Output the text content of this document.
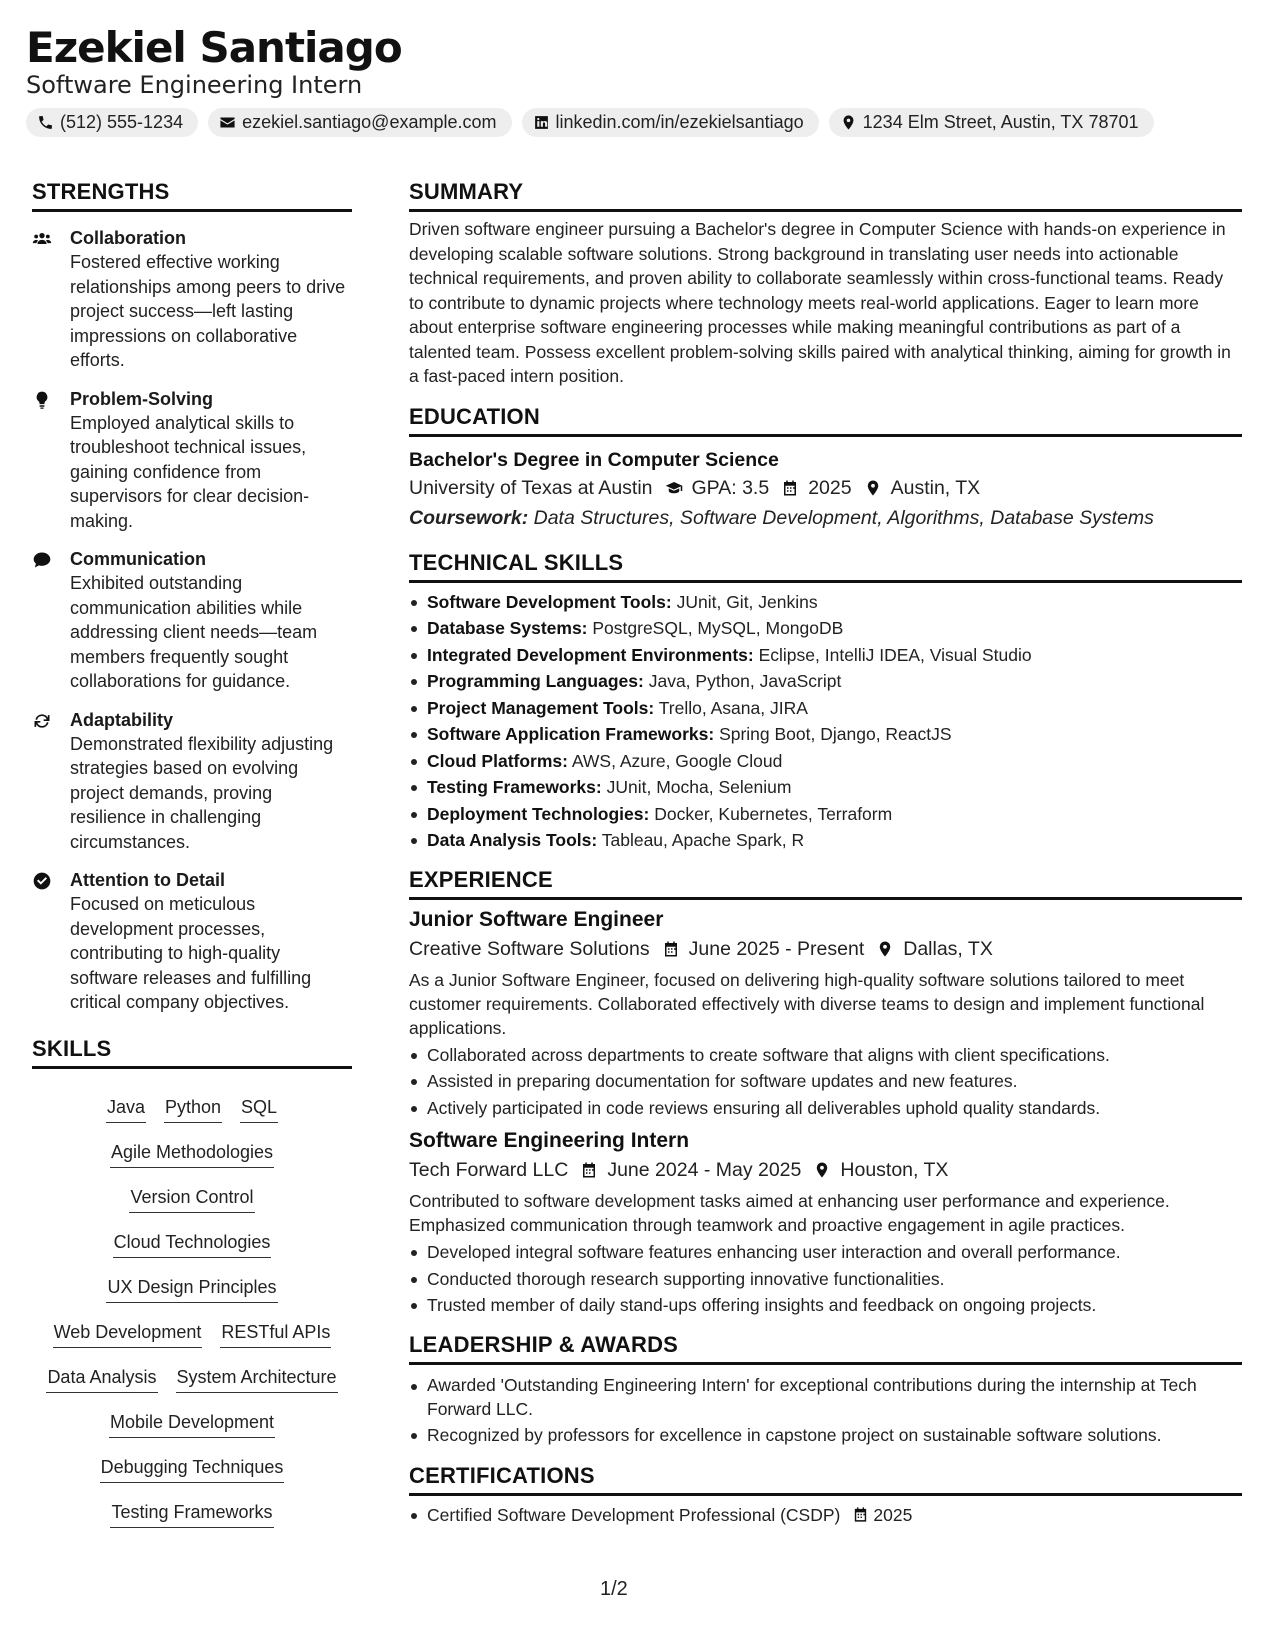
Ezekiel Santiago
Software Engineering Intern
(512) 555-1234	ezekiel.santiago@example.com	linkedin.com/in/ezekielsantiago	1234 Elm Street, Austin, TX 78701
STRENGTHS
Collaboration
Fostered effective working relationships among peers to drive project success—left lasting impressions on collaborative efforts.
Problem-Solving
Employed analytical skills to troubleshoot technical issues, gaining confidence from supervisors for clear decision-making.
Communication
Exhibited outstanding communication abilities while addressing client needs—team members frequently sought collaborations for guidance.
Adaptability
Demonstrated flexibility adjusting strategies based on evolving project demands, proving resilience in challenging circumstances.
Attention to Detail
Focused on meticulous development processes, contributing to high-quality software releases and fulfilling critical company objectives.
SKILLS
Java Python SQL
Agile Methodologies
Version Control
Cloud Technologies
UX Design Principles
Web Development RESTful APIs
Data Analysis System Architecture
Mobile Development
Debugging Techniques
Testing Frameworks
SUMMARY
Driven software engineer pursuing a Bachelor's degree in Computer Science with hands-on experience in developing scalable software solutions. Strong background in translating user needs into actionable technical requirements, and proven ability to collaborate seamlessly within cross-functional teams. Ready to contribute to dynamic projects where technology meets real-world applications. Eager to learn more about enterprise software engineering processes while making meaningful contributions as part of a talented team. Possess excellent problem-solving skills paired with analytical thinking, aiming for growth in a fast-paced intern position.
EDUCATION
Bachelor's Degree in Computer Science
University of Texas at Austin GPA: 3.5 2025 Austin, TX
Coursework: Data Structures, Software Development, Algorithms, Database Systems
TECHNICAL SKILLS
Software Development Tools: JUnit, Git, Jenkins
Database Systems: PostgreSQL, MySQL, MongoDB
Integrated Development Environments: Eclipse, IntelliJ IDEA, Visual Studio
Programming Languages: Java, Python, JavaScript
Project Management Tools: Trello, Asana, JIRA
Software Application Frameworks: Spring Boot, Django, ReactJS
Cloud Platforms: AWS, Azure, Google Cloud
Testing Frameworks: JUnit, Mocha, Selenium
Deployment Technologies: Docker, Kubernetes, Terraform
Data Analysis Tools: Tableau, Apache Spark, R
EXPERIENCE
Junior Software Engineer
Creative Software Solutions June 2025 - Present Dallas, TX
As a Junior Software Engineer, focused on delivering high-quality software solutions tailored to meet customer requirements. Collaborated effectively with diverse teams to design and implement functional applications.
Collaborated across departments to create software that aligns with client specifications.
Assisted in preparing documentation for software updates and new features.
Actively participated in code reviews ensuring all deliverables uphold quality standards.
Software Engineering Intern
Tech Forward LLC June 2024 - May 2025 Houston, TX
Contributed to software development tasks aimed at enhancing user performance and experience. Emphasized communication through teamwork and proactive engagement in agile practices.
Developed integral software features enhancing user interaction and overall performance.
Conducted thorough research supporting innovative functionalities.
Trusted member of daily stand-ups offering insights and feedback on ongoing projects.
LEADERSHIP & AWARDS
Awarded 'Outstanding Engineering Intern' for exceptional contributions during the internship at Tech Forward LLC.
Recognized by professors for excellence in capstone project on sustainable software solutions.
CERTIFICATIONS
Certified Software Development Professional (CSDP) 2025
1/2
